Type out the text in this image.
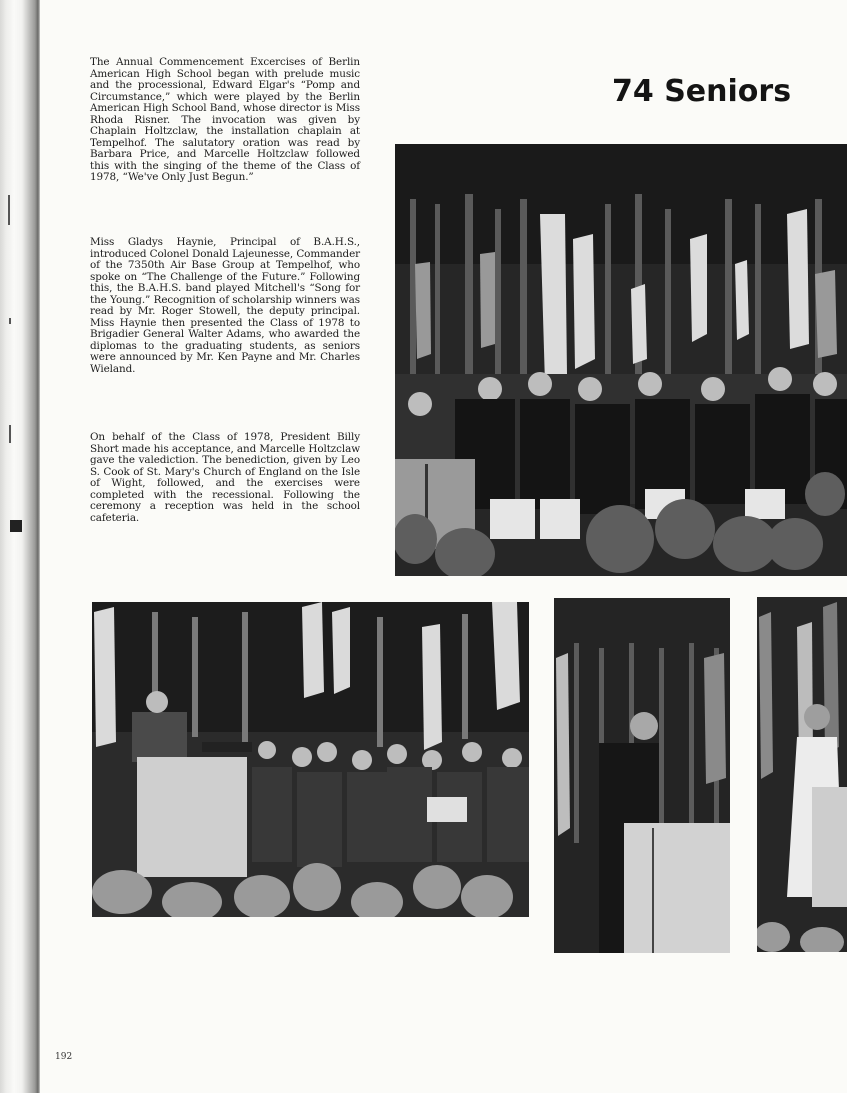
The Annual Commencement Excercises of Berlin American High School began with prelude music and the processional, Edward Elgar's “Pomp and Circumstance,” which were played by the Berlin American High School Band, whose director is Miss Rhoda Risner. The invocation was given by Chaplain Holtzclaw, the installation chaplain at Tempelhof. The salutatory oration was read by Barbara Price, and Marcelle Holtzclaw followed this with the singing of the theme of the Class of 1978, “We've Only Just Begun.”

Miss Gladys Haynie, Principal of B.A.H.S., introduced Colonel Donald Lajeunesse, Commander of the 7350th Air Base Group at Tempelhof, who spoke on “The Challenge of the Future.” Following this, the B.A.H.S. band played Mitchell's “Song for the Young.” Recognition of scholarship winners was read by Mr. Roger Stowell, the deputy principal. Miss Haynie then presented the Class of 1978 to Brigadier General Walter Adams, who awarded the diplomas to the graduating students, as seniors were announced by Mr. Ken Payne and Mr. Charles Wieland.

On behalf of the Class of 1978, President Billy Short made his acceptance, and Marcelle Holtzclaw gave the valediction. The benediction, given by Leo S. Cook of St. Mary's Church of England on the Isle of Wight, followed, and the exercises were completed with the recessional. Following the ceremony a reception was held in the school cafeteria.

74 Seniors
192
